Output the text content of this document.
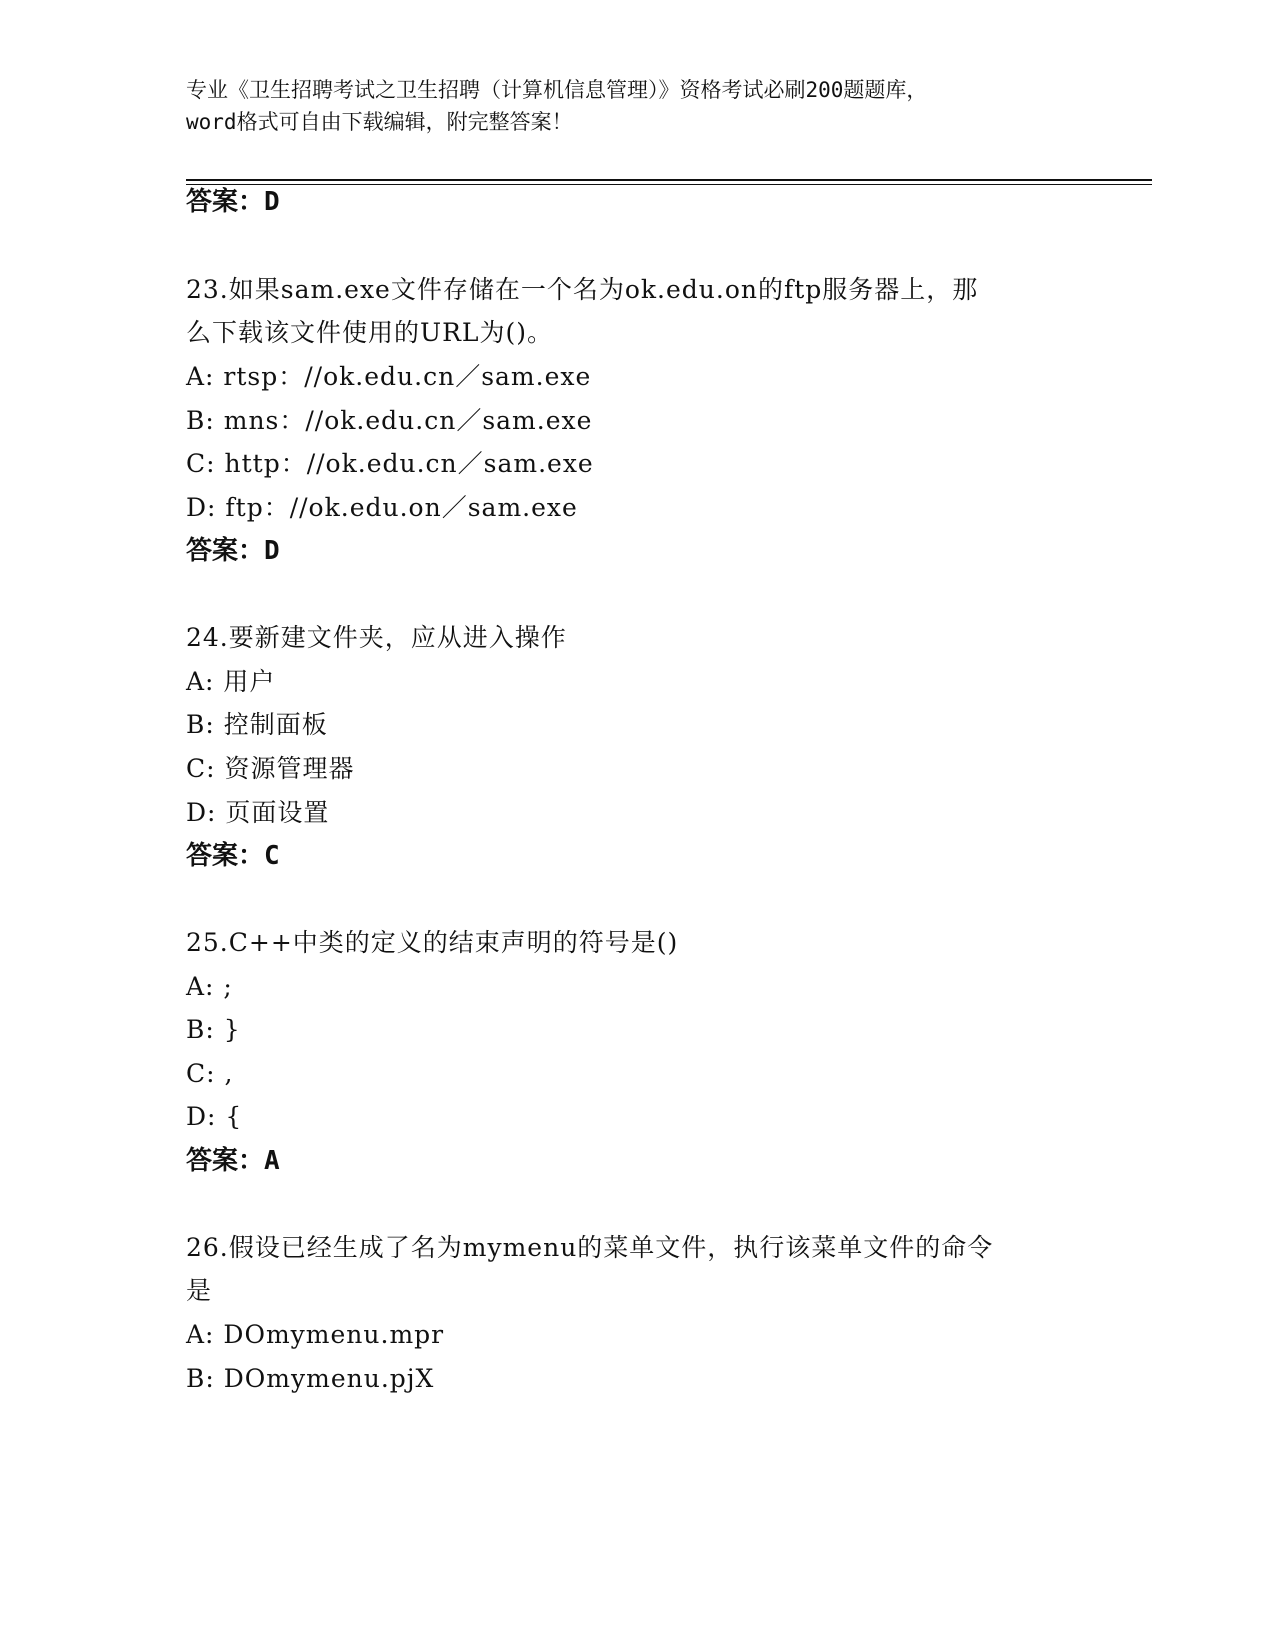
专业《卫生招聘考试之卫生招聘（计算机信息管理）》资格考试必刷200题题库，
word格式可自由下载编辑，附完整答案！
答案：D
23.如果sam.exe文件存储在一个名为ok.edu.on的ftp服务器上，那
么下载该文件使用的URL为()。
A: rtsp：//ok.edu.cn／sam.exe
B: mns：//ok.edu.cn／sam.exe
C: http：//ok.edu.cn／sam.exe
D: ftp：//ok.edu.on／sam.exe
答案：D
24.要新建文件夹，应从进入操作
A: 用户
B: 控制面板
C: 资源管理器
D: 页面设置
答案：C
25.C++中类的定义的结束声明的符号是()
A: ;
B: }
C: ,
D: {
答案：A
26.假设已经生成了名为mymenu的菜单文件，执行该菜单文件的命令
是
A: DOmymenu.mpr
B: DOmymenu.pjX
